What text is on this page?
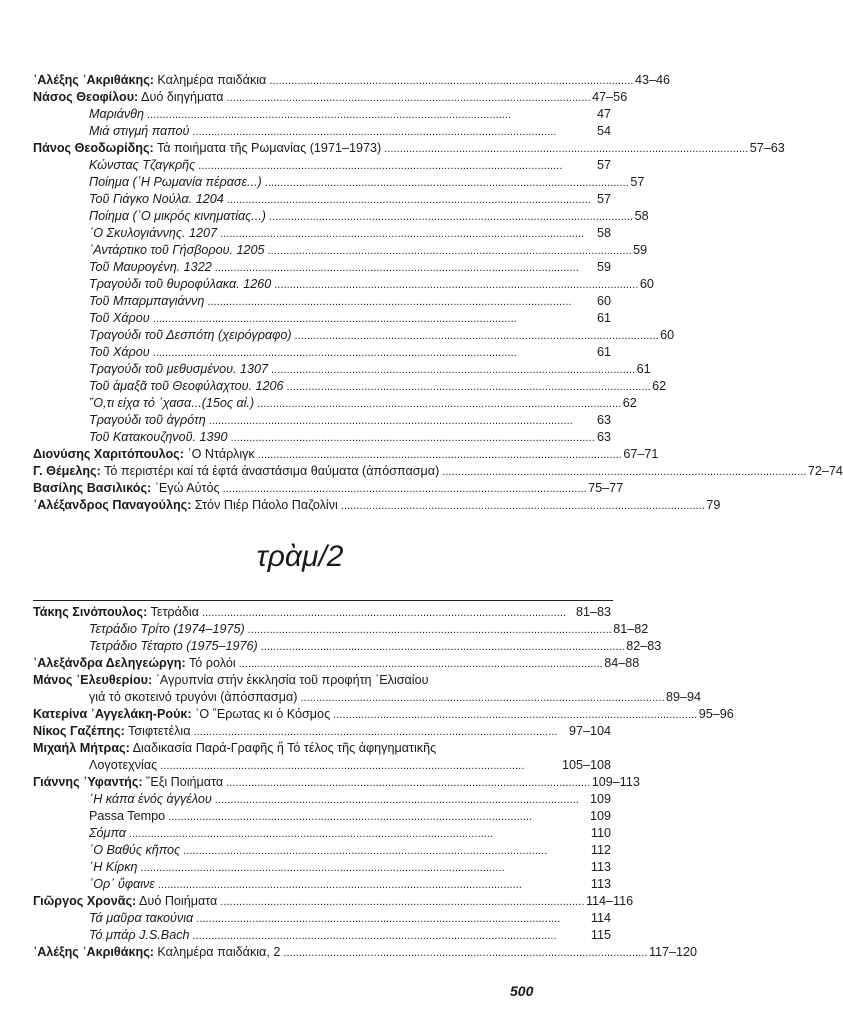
᾿Αλέξης ᾿Ακριθάκης: Καλημέρα παιδάκια . . .	43–46
Νάσος Θεοφίλου: Δυό διηγήματα . . .	47–56
Μαριάνθη . . .	47
Μιά στιγμή παπού . . .	54
Πάνος Θεοδωρίδης: Τά ποιήματα τῆς Ρωμανίας (1971–1973) . . .	57–63
Κώνστας Τζαγκρῆς . . .	57
Ποίημα (᾿Η Ρωμανία πέρασε...) . . .	57
Τοῦ Γιάγκο Νούλα. 1204 . . .	57
Ποίημα (᾿Ο μικρός κινηματίας...) . . .	58
᾿Ο Σκυλογιάννης. 1207 . . .	58
᾿Αντάρτικο τοῦ Γήσβορου. 1205 . . .	59
Τοῦ Μαυρογένη. 1322 . . .	59
Τραγούδι τοῦ θυροφύλακα. 1260 . . .	60
Τοῦ Μπαρμπαγιάννη . . .	60
Τοῦ Χάρου . . .	61
Τραγούδι τοῦ Δεσπότη (χειρόγραφο) . . .	60
Τοῦ Χάρου . . .	61
Τραγούδι τοῦ μεθυσμένου. 1307 . . .	61
Τοῦ ἁμαξᾶ τοῦ Θεοφύλαχτου. 1206 . . .	62
῞Ο,τι είχα τό ᾿χασα...(15ος αἰ.) . . .	62
Τραγούδι τοῦ ἀγρότη . . .	63
Τοῦ Κατακουζηνοῦ. 1390 . . .	63
Διονύσης Χαριτόπουλος: ᾿Ο Ντάρλιγκ . . .	67–71
Γ. Θέμελης: Τό περιστέρι καί τά ἑφτά ἀναστάσιμα θαύματα (ἀπόσπασμα) . . .	72–74
Βασίλης Βασιλικός: ᾿Εγώ Αὐτός . . .	75–77
᾿Αλέξανδρος Παναγούλης: Στόν Πιέρ Πάολο Παζολίνι . . .	79
τρὰμ/2
Τάκης Σινόπουλος: Τετράδια . . .	81–83
Τετράδιο Τρίτο (1974–1975) . . .	81–82
Τετράδιο Τέταρτο (1975–1976) . . .	82–83
᾿Αλεξάνδρα Δεληγεώργη: Τό ρολόι . . .	84–88
Μάνος ᾿Ελευθερίου: ᾿Αγρυπνία στήν ἐκκλησία τοῦ προφήτη ᾿Ελισαίου
γιά τό σκοτεινό τρυγόνι (ἀπόσπασμα) . . .	89–94
Κατερίνα ᾿Αγγελάκη-Ρούκ: ᾿Ο ῎Ερωτας κι ὁ Κόσμος . . .	95–96
Νίκος Γαζέπης: Τσιφτετέλια . . .	97–104
Μιχαήλ Μήτρας: Διαδικασία Παρά-Γραφῆς ἤ Τό τέλος τῆς ἀφηγηματικῆς
Λογοτεχνίας . . .	105–108
Γιάννης ᾿Υφαντής: ῞Εξι Ποιήματα . . .	109–113
῾Η κάπα ἑνός ἀγγέλου . . .	109
Passa Tempo . . .	109
Σόμπα . . .	110
᾿Ο Βαθύς κῆπος . . .	112
῾Η Κίρκη . . .	113
᾿Ορ᾿ ὕφαινε . . .	113
Γιῶργος Χρονᾶς: Δυό Ποιήματα . . .	114–116
Τά μαῦρα τακούνια . . .	114
Τό μπάρ J.S.Bach . . .	115
᾿Αλέξης ᾿Ακριθάκης: Καλημέρα παιδάκια, 2 . . .	117–120
500
